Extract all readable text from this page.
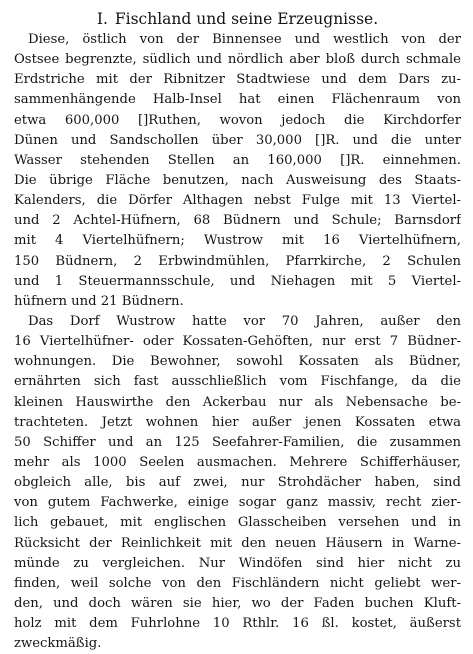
I. Fischland und seine Erzeugnisse.
Diese, östlich von der Binnensee und westlich von der
Ostsee begrenzte, südlich und nördlich aber bloß durch schmale
Erdstriche mit der Ribnitzer Stadtwiese und dem Dars zu-
sammenhängende Halb-Insel hat einen Flächenraum von
etwa 600,000 []Ruthen, wovon jedoch die Kirchdorfer
Dünen und Sandschollen über 30,000 []R. und die unter
Wasser stehenden Stellen an 160,000 []R. einnehmen.
Die übrige Fläche benutzen, nach Ausweisung des Staats-
Kalenders, die Dörfer Althagen nebst Fulge mit 13 Viertel-
und 2 Achtel-Hüfnern, 68 Büdnern und Schule; Barnsdorf
mit 4 Viertelhüfnern; Wustrow mit 16 Viertelhüfnern,
150 Büdnern, 2 Erbwindmühlen, Pfarrkirche, 2 Schulen
und 1 Steuermannsschule, und Niehagen mit 5 Viertel-
hüfnern und 21 Büdnern.
Das Dorf Wustrow hatte vor 70 Jahren, außer den
16 Viertelhüfner- oder Kossaten-Gehöften, nur erst 7 Büdner-
wohnungen. Die Bewohner, sowohl Kossaten als Büdner,
ernährten sich fast ausschließlich vom Fischfange, da die
kleinen Hauswirthe den Ackerbau nur als Nebensache be-
trachteten. Jetzt wohnen hier außer jenen Kossaten etwa
50 Schiffer und an 125 Seefahrer-Familien, die zusammen
mehr als 1000 Seelen ausmachen. Mehrere Schifferhäuser,
obgleich alle, bis auf zwei, nur Strohdächer haben, sind
von gutem Fachwerke, einige sogar ganz massiv, recht zier-
lich gebauet, mit englischen Glasscheiben versehen und in
Rücksicht der Reinlichkeit mit den neuen Häusern in Warne-
münde zu vergleichen. Nur Windöfen sind hier nicht zu
finden, weil solche von den Fischländern nicht geliebt wer-
den, und doch wären sie hier, wo der Faden buchen Kluft-
holz mit dem Fuhrlohne 10 Rthlr. 16 ßl. kostet, äußerst
zweckmäßig.
